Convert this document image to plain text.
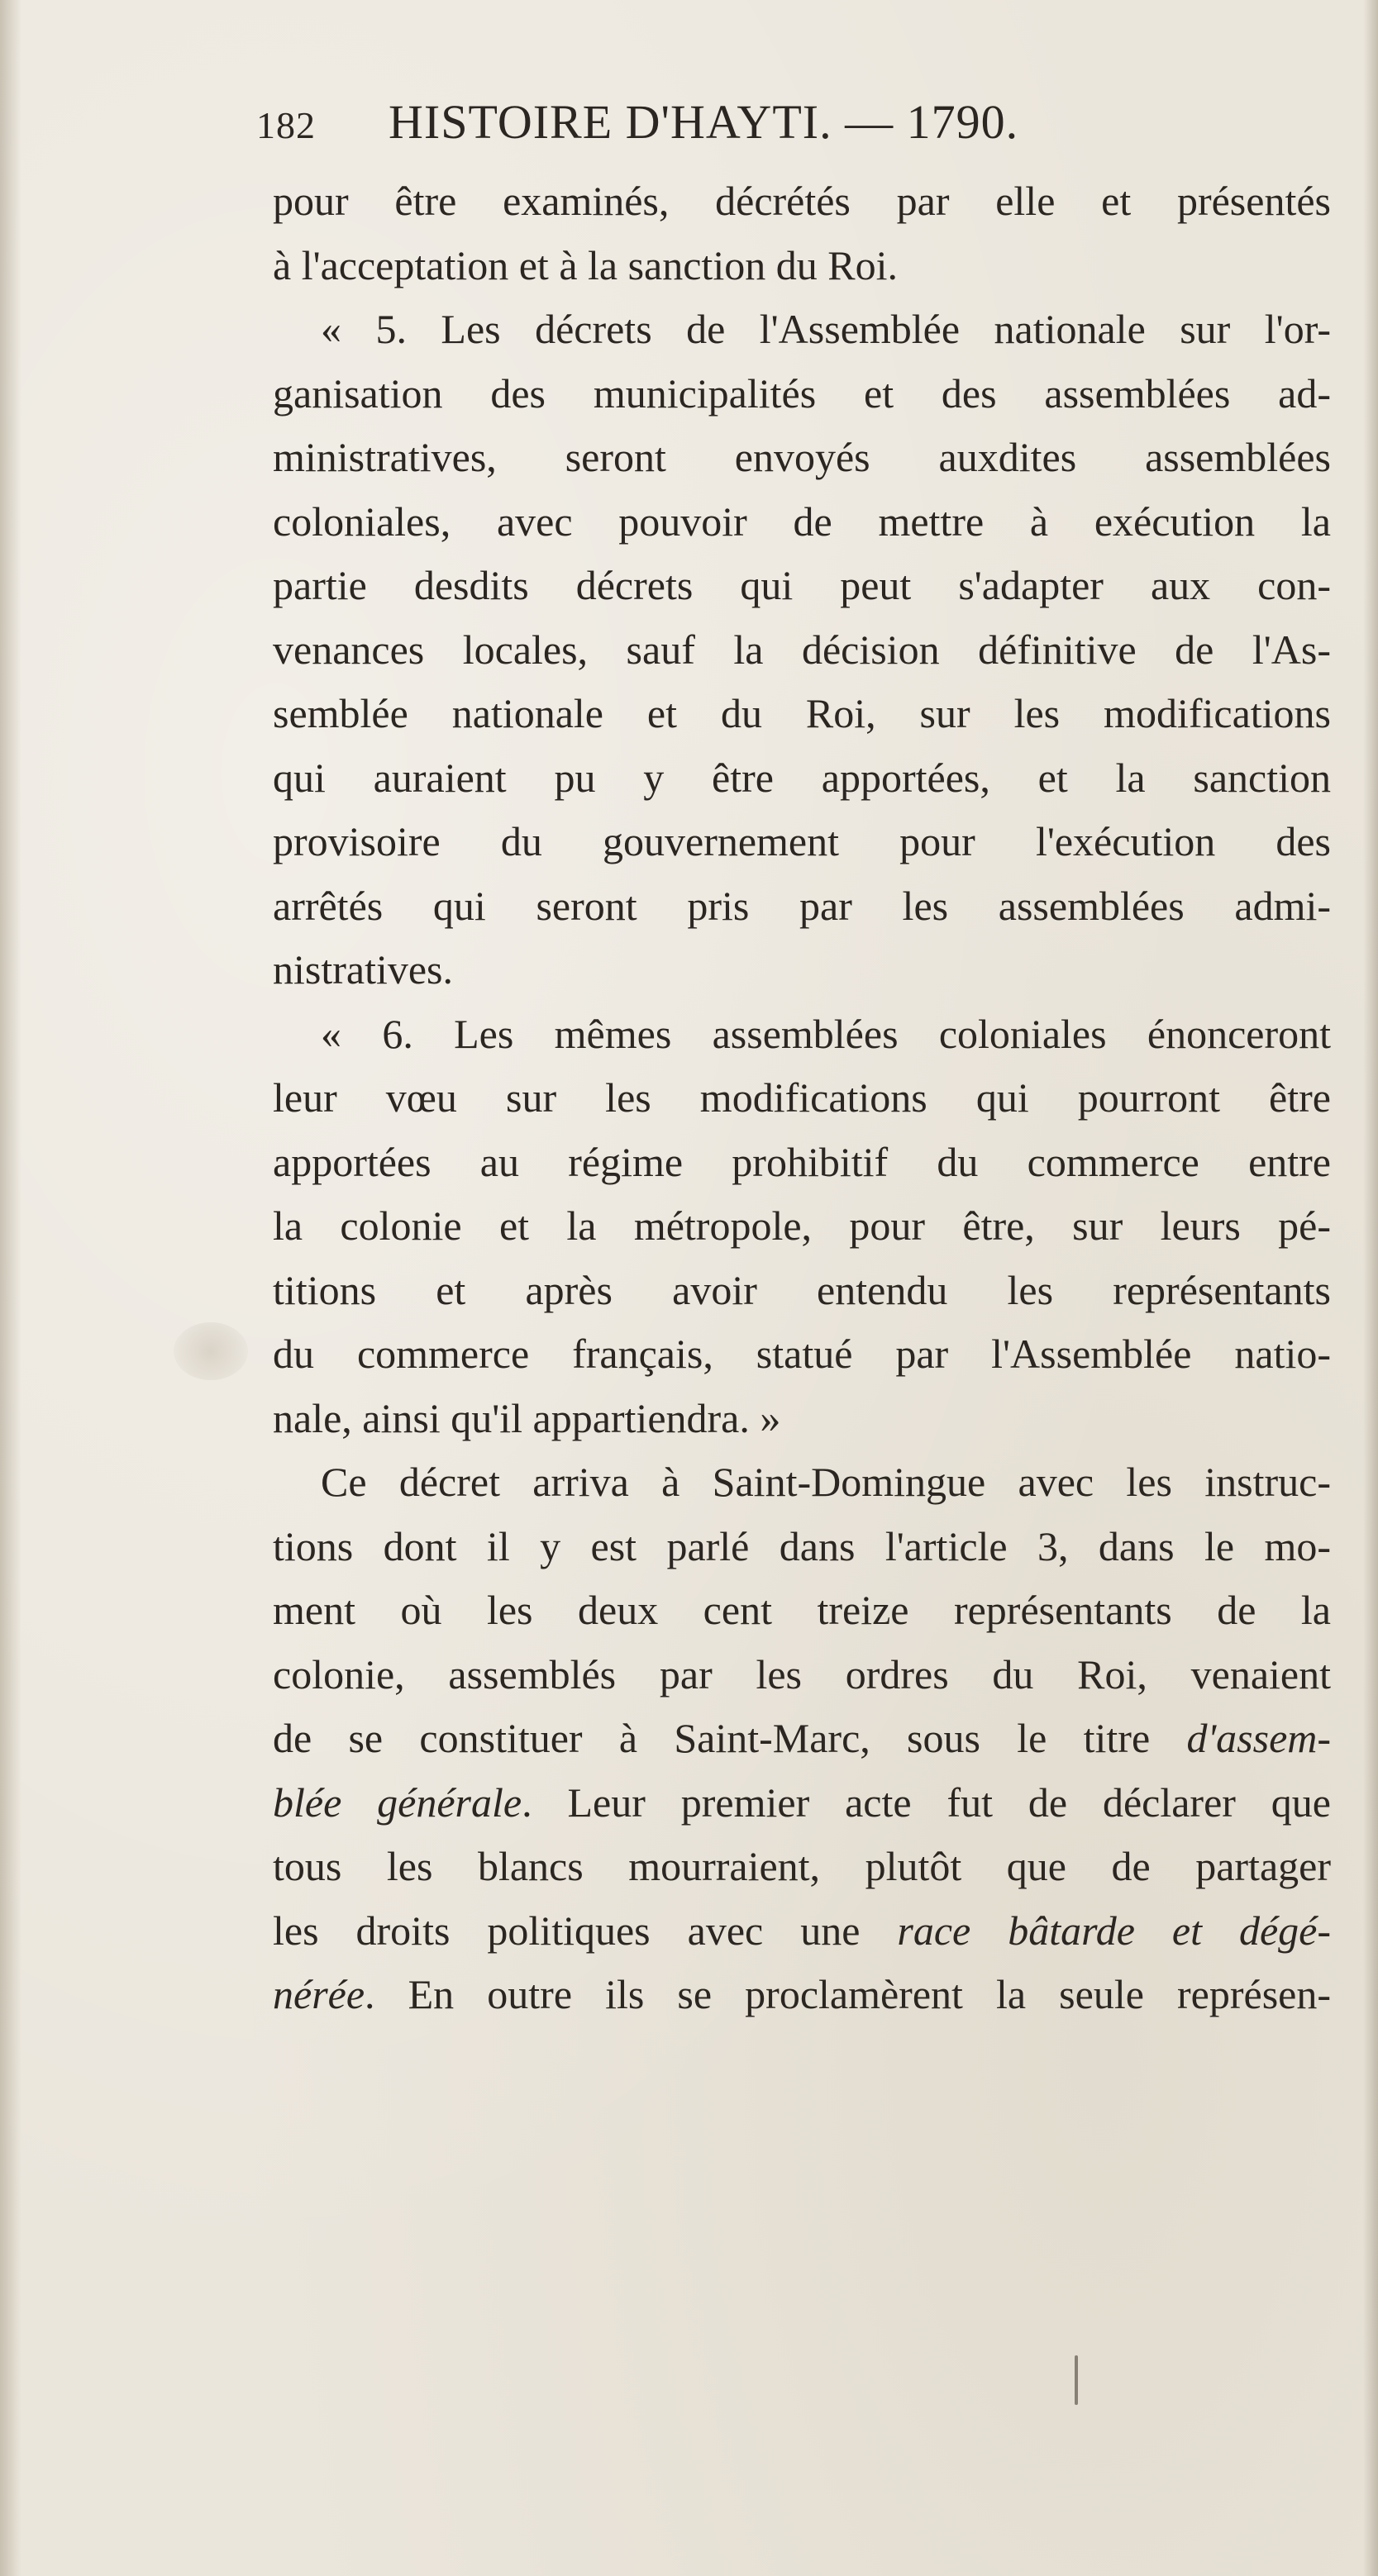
182 HISTOIRE D'HAYTI. — 1790.
pour être examinés, décrétés par elle et présentés
à l'acceptation et à la sanction du Roi.
« 5. Les décrets de l'Assemblée nationale sur l'or-
ganisation des municipalités et des assemblées ad-
ministratives, seront envoyés auxdites assemblées
coloniales, avec pouvoir de mettre à exécution la
partie desdits décrets qui peut s'adapter aux con-
venances locales, sauf la décision définitive de l'As-
semblée nationale et du Roi, sur les modifications
qui auraient pu y être apportées, et la sanction
provisoire du gouvernement pour l'exécution des
arrêtés qui seront pris par les assemblées admi-
nistratives.
« 6. Les mêmes assemblées coloniales énonceront
leur vœu sur les modifications qui pourront être
apportées au régime prohibitif du commerce entre
la colonie et la métropole, pour être, sur leurs pé-
titions et après avoir entendu les représentants
du commerce français, statué par l'Assemblée natio-
nale, ainsi qu'il appartiendra. »
Ce décret arriva à Saint-Domingue avec les instruc-
tions dont il y est parlé dans l'article 3, dans le mo-
ment où les deux cent treize représentants de la
colonie, assemblés par les ordres du Roi, venaient
de se constituer à Saint-Marc, sous le titre d'assem-
blée générale. Leur premier acte fut de déclarer que
tous les blancs mourraient, plutôt que de partager
les droits politiques avec une race bâtarde et dégé-
nérée. En outre ils se proclamèrent la seule représen-
